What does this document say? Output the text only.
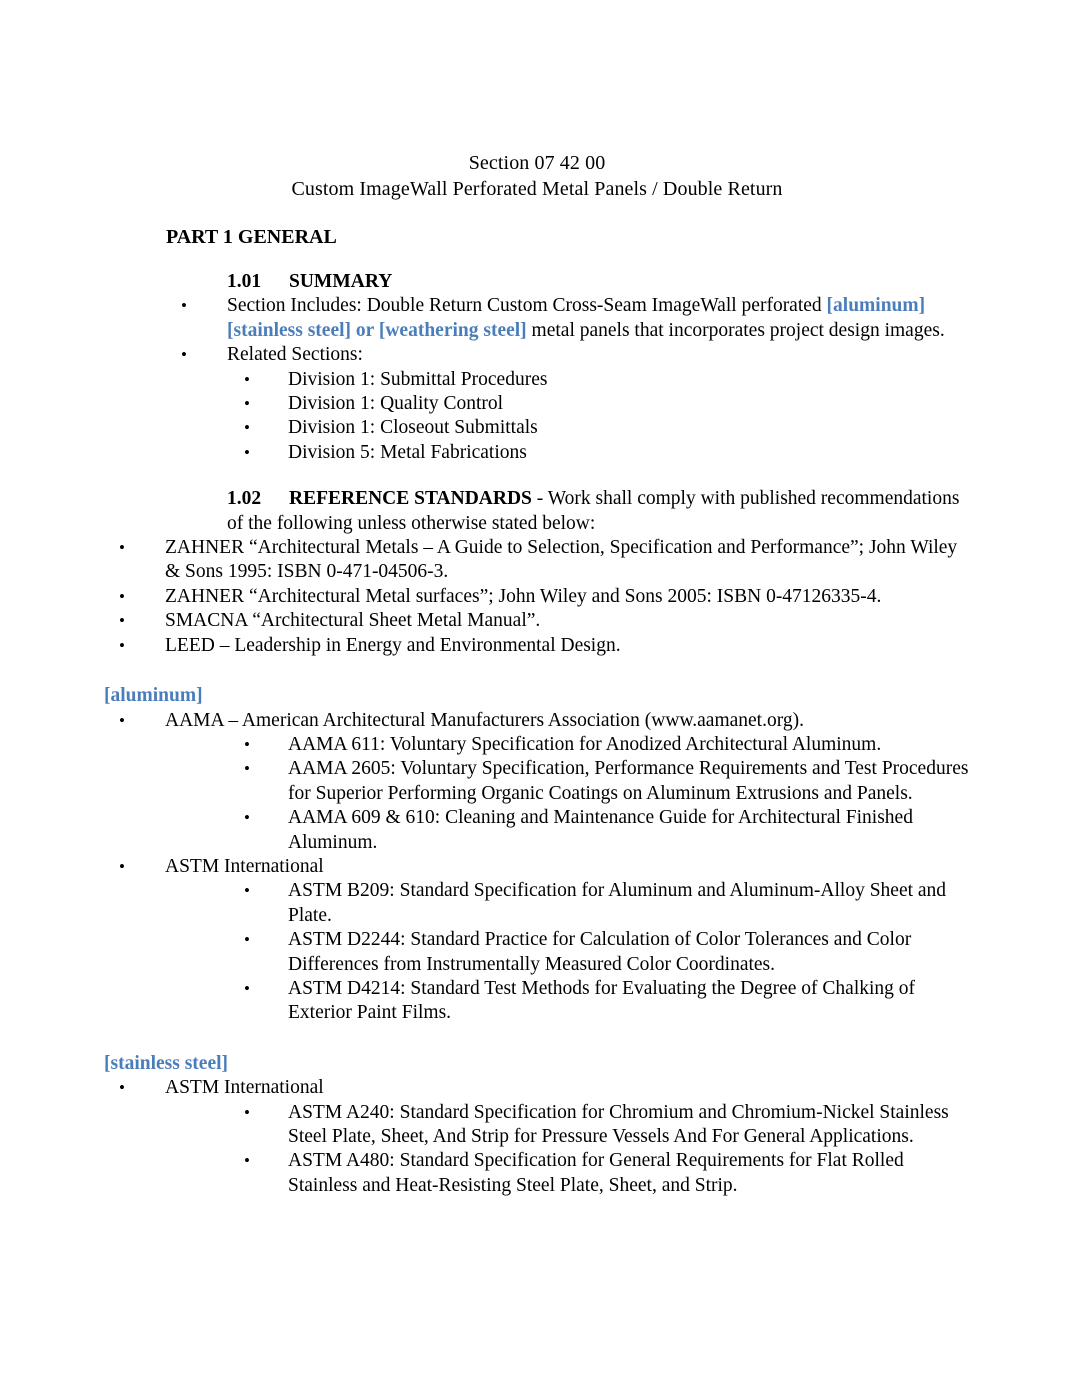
Section 07 42 00
Custom ImageWall Perforated Metal Panels / Double Return
PART 1 GENERAL
1.01 SUMMARY
• Section Includes: Double Return Custom Cross-Seam ImageWall perforated [aluminum][stainless steel] or [weathering steel] metal panels that incorporates project design images.
• Related Sections:
• Division 1: Submittal Procedures
• Division 1: Quality Control
• Division 1: Closeout Submittals
• Division 5: Metal Fabrications
1.02 REFERENCE STANDARDS - Work shall comply with published recommendations of the following unless otherwise stated below:
• ZAHNER “Architectural Metals – A Guide to Selection, Specification and Performance”; John Wiley & Sons 1995: ISBN 0-471-04506-3.
• ZAHNER “Architectural Metal surfaces”; John Wiley and Sons 2005: ISBN 0-47126335-4.
• SMACNA “Architectural Sheet Metal Manual”.
• LEED – Leadership in Energy and Environmental Design.
[aluminum]
• AAMA – American Architectural Manufacturers Association (www.aamanet.org).
• AAMA 611: Voluntary Specification for Anodized Architectural Aluminum.
• AAMA 2605: Voluntary Specification, Performance Requirements and Test Procedures for Superior Performing Organic Coatings on Aluminum Extrusions and Panels.
• AAMA 609 & 610: Cleaning and Maintenance Guide for Architectural Finished Aluminum.
• ASTM International
• ASTM B209: Standard Specification for Aluminum and Aluminum-Alloy Sheet and Plate.
• ASTM D2244: Standard Practice for Calculation of Color Tolerances and Color Differences from Instrumentally Measured Color Coordinates.
• ASTM D4214: Standard Test Methods for Evaluating the Degree of Chalking of Exterior Paint Films.
[stainless steel]
• ASTM International
• ASTM A240: Standard Specification for Chromium and Chromium-Nickel Stainless Steel Plate, Sheet, And Strip for Pressure Vessels And For General Applications.
• ASTM A480: Standard Specification for General Requirements for Flat Rolled Stainless and Heat-Resisting Steel Plate, Sheet, and Strip.
